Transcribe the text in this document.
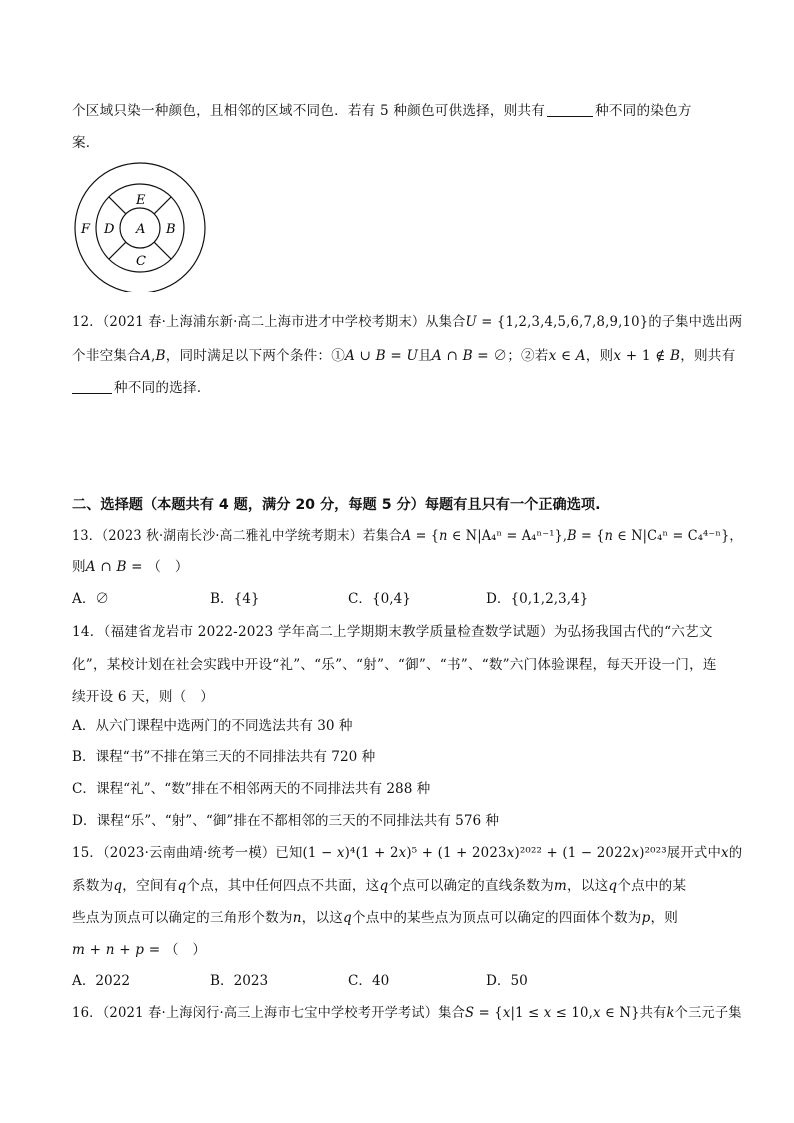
个区域只染一种颜色，且相邻的区域不同色．若有 5 种颜色可供选择，则共有	种不同的染色方
案．
A
E
B
C
D
F
12．（2021 春·上海浦东新·高二上海市进才中学校考期末）从集合𝑈 = {1,2,3,4,5,6,7,8,9,10}的子集中选出两
个非空集合𝐴,𝐵，同时满足以下两个条件：①𝐴 ∪ 𝐵 = 𝑈且𝐴 ∩ 𝐵 = ∅；②若𝑥 ∈ 𝐴，则𝑥 + 1 ∉ 𝐵，则共有
种不同的选择.
二、选择题（本题共有 4 题，满分 20 分，每题 5 分）每题有且只有一个正确选项.
13．（2023 秋·湖南长沙·高二雅礼中学统考期末）若集合𝐴 = {𝑛 ∈ N|A₄ⁿ = A₄ⁿ⁻¹},𝐵 = {𝑛 ∈ N|C₄ⁿ = C₄⁴⁻ⁿ}，
则𝐴 ∩ 𝐵 = （　）
A．∅	B．{4}	C．{0,4}	D．{0,1,2,3,4}
14．（福建省龙岩市 2022-2023 学年高二上学期期末教学质量检查数学试题）为弘扬我国古代的“六艺文
化”，某校计划在社会实践中开设“礼”、“乐”、“射”、“御”、“书”、“数”六门体验课程，每天开设一门，连
续开设 6 天，则（　）
A．从六门课程中选两门的不同选法共有 30 种
B．课程“书”不排在第三天的不同排法共有 720 种
C．课程“礼”、“数”排在不相邻两天的不同排法共有 288 种
D．课程“乐”、“射”、“御”排在不都相邻的三天的不同排法共有 576 种
15．（2023·云南曲靖·统考一模）已知(1 − 𝑥)⁴(1 + 2𝑥)⁵ + (1 + 2023𝑥)²⁰²² + (1 − 2022𝑥)²⁰²³展开式中𝑥的
系数为𝑞，空间有𝑞个点，其中任何四点不共面，这𝑞个点可以确定的直线条数为𝑚，以这𝑞个点中的某
些点为顶点可以确定的三角形个数为𝑛，以这𝑞个点中的某些点为顶点可以确定的四面体个数为𝑝，则
𝑚 + 𝑛 + 𝑝 = （　）
A．2022	B．2023	C．40	D．50
16．（2021 春·上海闵行·高三上海市七宝中学校考开学考试）集合𝑆 = {𝑥|1 ≤ 𝑥 ≤ 10,𝑥 ∈ N}共有𝑘个三元子集
